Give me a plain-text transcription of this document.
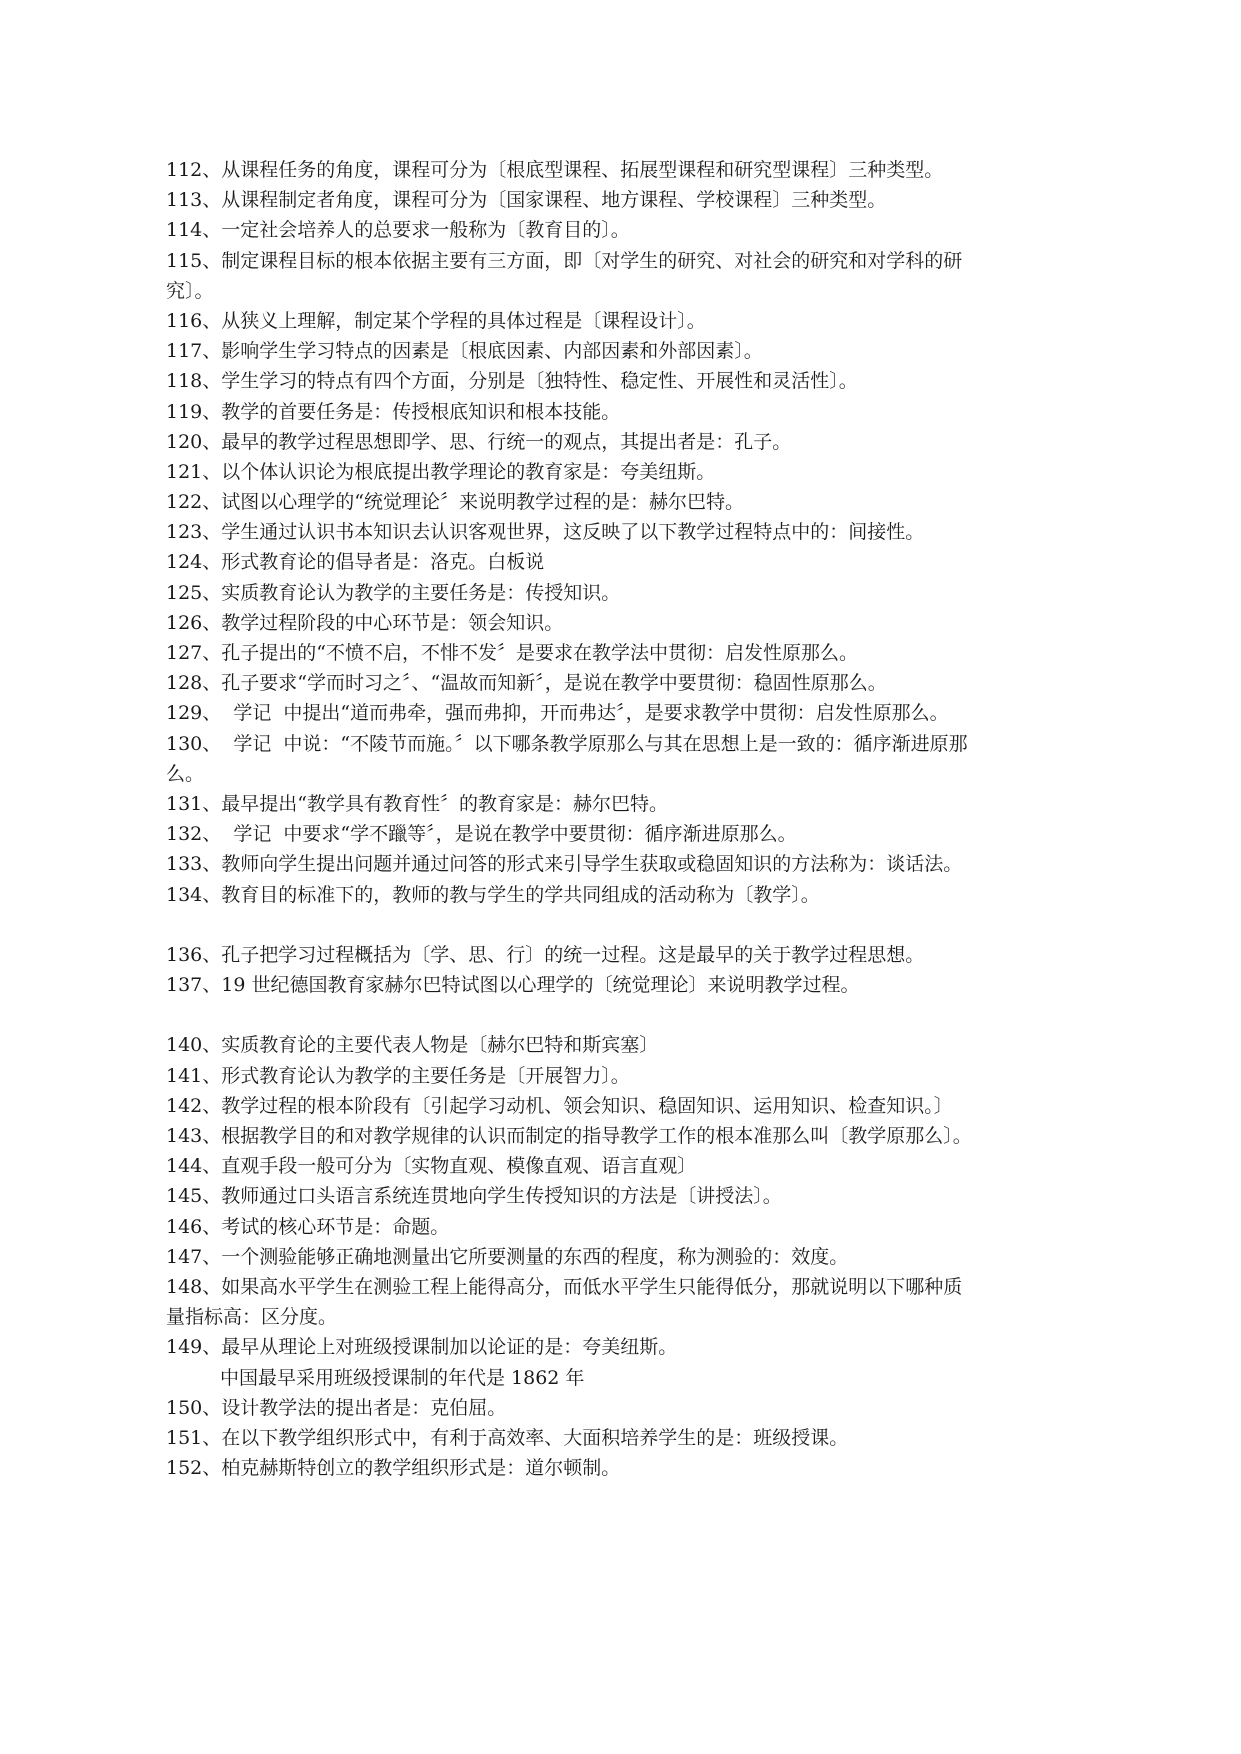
112、从课程任务的角度，课程可分为〔根底型课程、拓展型课程和研究型课程〕三种类型。
113、从课程制定者角度，课程可分为〔国家课程、地方课程、学校课程〕三种类型。
114、一定社会培养人的总要求一般称为〔教育目的〕。
115、制定课程目标的根本依据主要有三方面，即〔对学生的研究、对社会的研究和对学科的研
究〕。
116、从狭义上理解，制定某个学程的具体过程是〔课程设计〕。
117、影响学生学习特点的因素是〔根底因素、内部因素和外部因素〕。
118、学生学习的特点有四个方面，分别是〔独特性、稳定性、开展性和灵活性〕。
119、教学的首要任务是：传授根底知识和根本技能。
120、最早的教学过程思想即学、思、行统一的观点，其提出者是：孔子。
121、以个体认识论为根底提出教学理论的教育家是：夸美纽斯。
122、试图以心理学的“统觉理论〞来说明教学过程的是：赫尔巴特。
123、学生通过认识书本知识去认识客观世界，这反映了以下教学过程特点中的：间接性。
124、形式教育论的倡导者是：洛克。白板说
125、实质教育论认为教学的主要任务是：传授知识。
126、教学过程阶段的中心环节是：领会知识。
127、孔子提出的“不愤不启，不悱不发〞是要求在教学法中贯彻：启发性原那么。
128、孔子要求“学而时习之〞、“温故而知新〞，是说在教学中要贯彻：稳固性原那么。
129、  学记  中提出“道而弗牵，强而弗抑，开而弗达〞，是要求教学中贯彻：启发性原那么。
130、  学记  中说：“不陵节而施。〞以下哪条教学原那么与其在思想上是一致的：循序渐进原那
么。
131、最早提出“教学具有教育性〞的教育家是：赫尔巴特。
132、  学记  中要求“学不躐等〞，是说在教学中要贯彻：循序渐进原那么。
133、教师向学生提出问题并通过问答的形式来引导学生获取或稳固知识的方法称为：谈话法。
134、教育目的标准下的，教师的教与学生的学共同组成的活动称为〔教学〕。
136、孔子把学习过程概括为〔学、思、行〕的统一过程。这是最早的关于教学过程思想。
137、19 世纪德国教育家赫尔巴特试图以心理学的〔统觉理论〕来说明教学过程。
140、实质教育论的主要代表人物是〔赫尔巴特和斯宾塞〕
141、形式教育论认为教学的主要任务是〔开展智力〕。
142、教学过程的根本阶段有〔引起学习动机、领会知识、稳固知识、运用知识、检查知识。〕
143、根据教学目的和对教学规律的认识而制定的指导教学工作的根本准那么叫〔教学原那么〕。
144、直观手段一般可分为〔实物直观、模像直观、语言直观〕
145、教师通过口头语言系统连贯地向学生传授知识的方法是〔讲授法〕。
146、考试的核心环节是：命题。
147、一个测验能够正确地测量出它所要测量的东西的程度，称为测验的：效度。
148、如果高水平学生在测验工程上能得高分，而低水平学生只能得低分，那就说明以下哪种质
量指标高：区分度。
149、最早从理论上对班级授课制加以论证的是：夸美纽斯。
中国最早采用班级授课制的年代是 1862 年
150、设计教学法的提出者是：克伯屈。
151、在以下教学组织形式中，有利于高效率、大面积培养学生的是：班级授课。
152、柏克赫斯特创立的教学组织形式是：道尔顿制。
